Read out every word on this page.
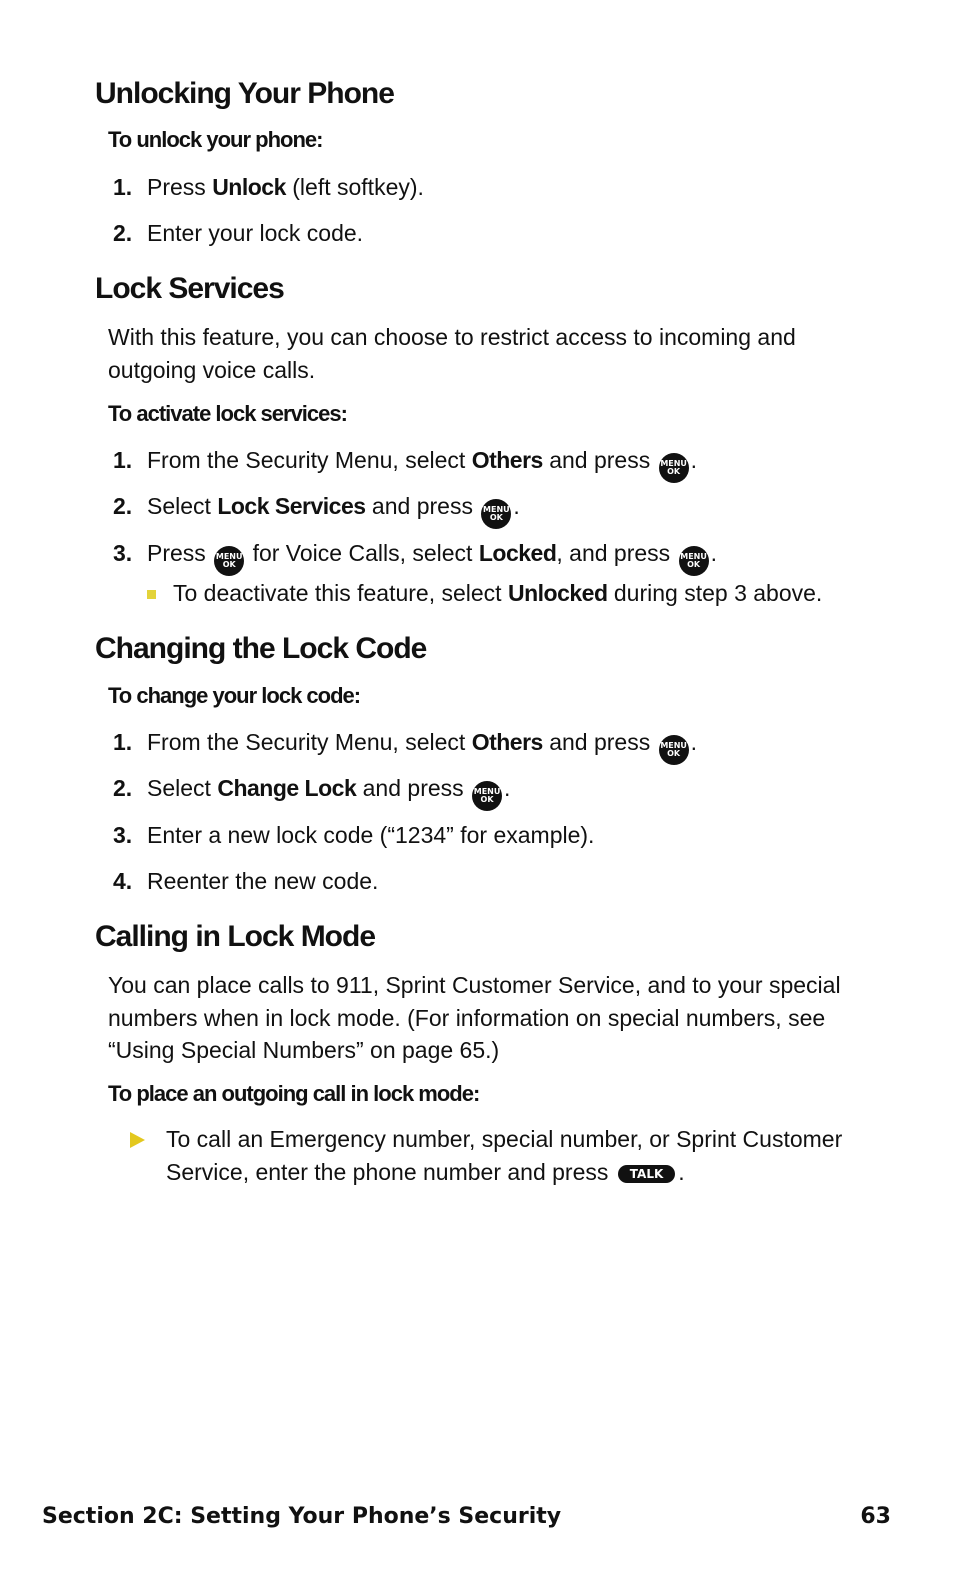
Unlocking Your Phone
To unlock your phone:
1. Press Unlock (left softkey).
2. Enter your lock code.
Lock Services

With this feature, you can choose to restrict access to incoming and outgoing voice calls.

To activate lock services:
1. From the Security Menu, select Others and press MENU
OK .
2. Select Lock Services and press MENU
OK .
3. Press MENU
OK for Voice Calls, select Locked, and press MENU
OK .
To deactivate this feature, select Unlocked during step 3 above.
Changing the Lock Code
To change your lock code:
1. From the Security Menu, select Others and press MENU
OK .
2. Select Change Lock and press MENU
OK .
3. Enter a new lock code (“1234” for example).
4. Reenter the new code.
Calling in Lock Mode

You can place calls to 911, Sprint Customer Service, and to your special numbers when in lock mode. (For information on special numbers, see “Using Special Numbers” on page 65.)

To place an outgoing call in lock mode:
To call an Emergency number, special number, or Sprint Customer Service, enter the phone number and press TALK .
Section 2C: Setting Your Phone’s Security	63
